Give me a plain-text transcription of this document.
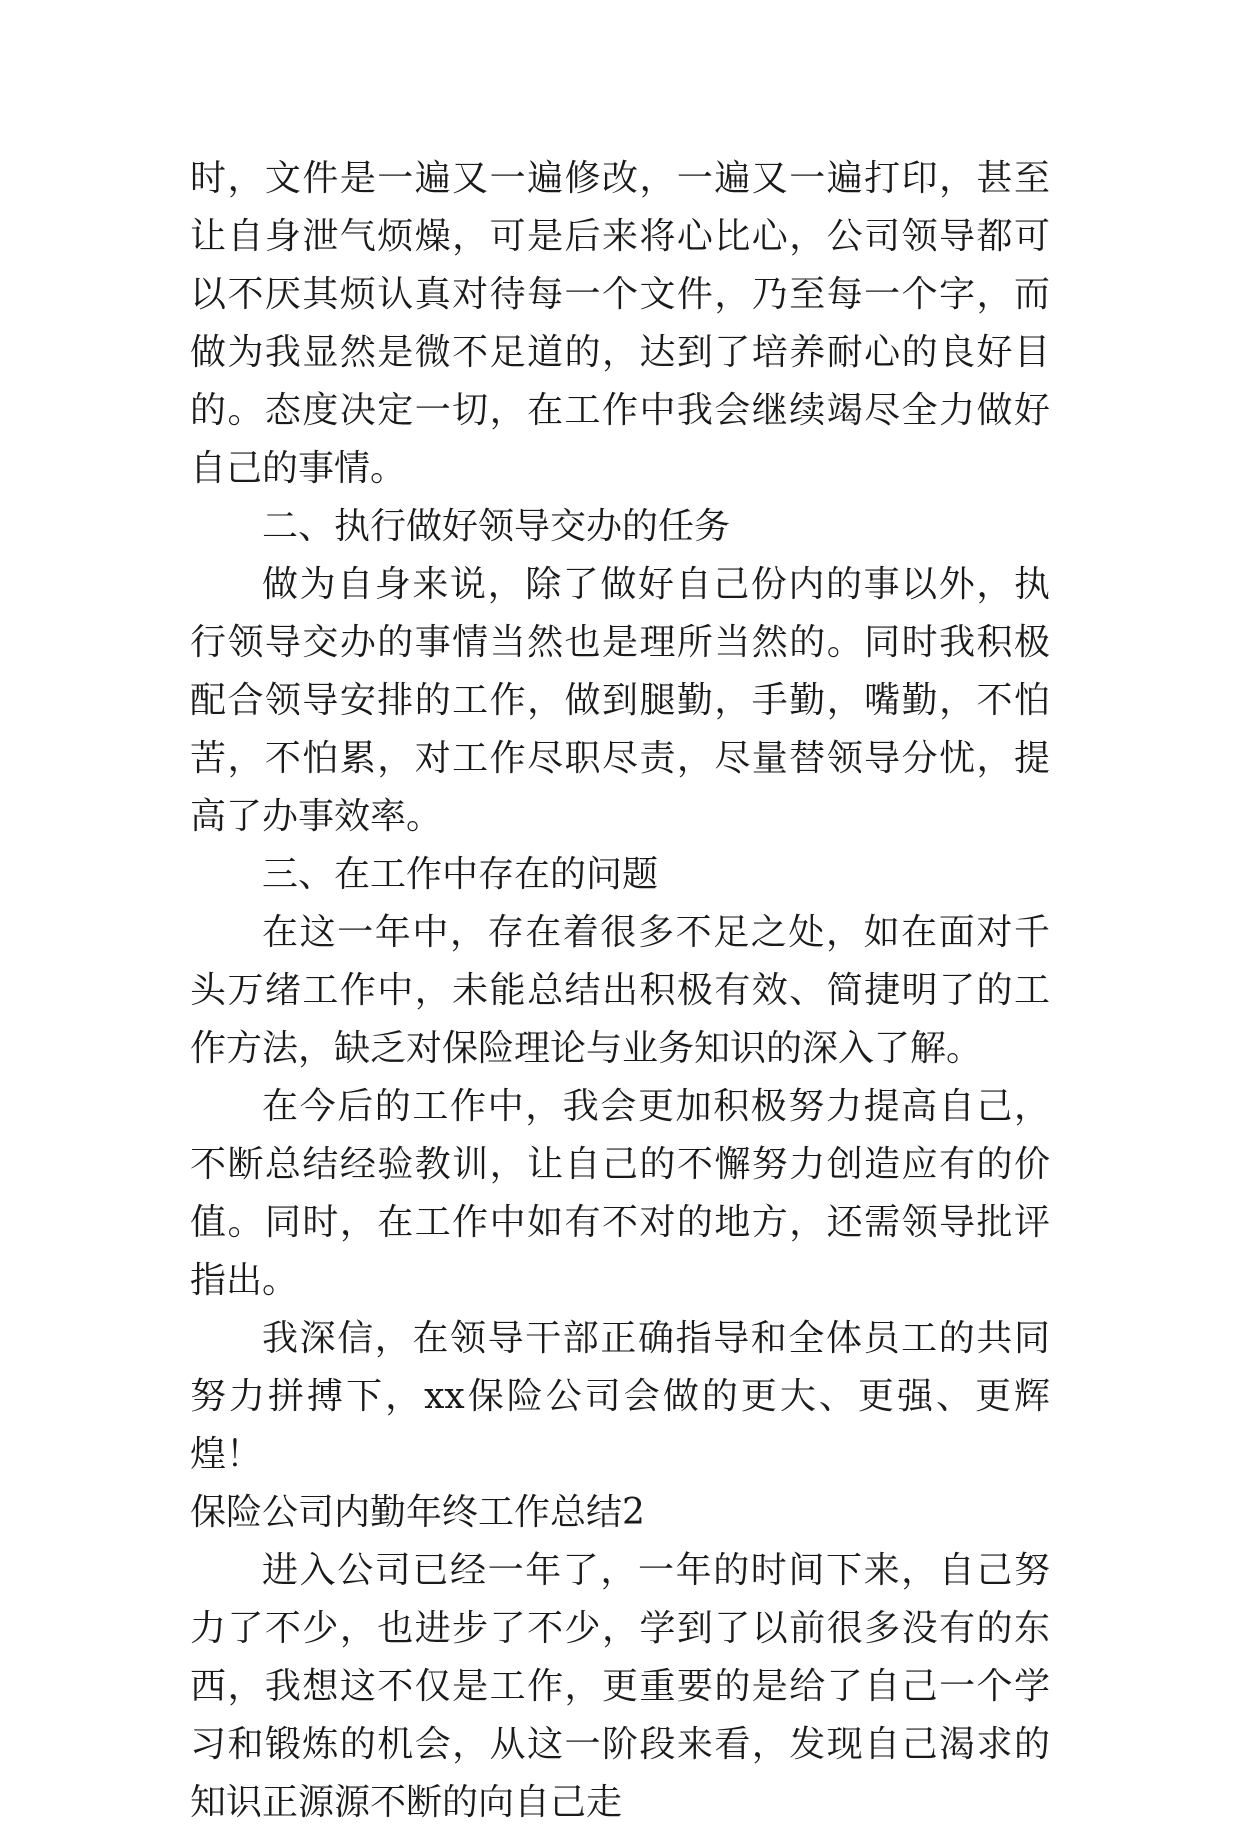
时，文件是一遍又一遍修改，一遍又一遍打印，甚至让自身泄气烦燥，可是后来将心比心，公司领导都可以不厌其烦认真对待每一个文件，乃至每一个字，而做为我显然是微不足道的，达到了培养耐心的良好目的。态度决定一切，在工作中我会继续竭尽全力做好自己的事情。

二、执行做好领导交办的任务

做为自身来说，除了做好自己份内的事以外，执行领导交办的事情当然也是理所当然的。同时我积极配合领导安排的工作，做到腿勤，手勤，嘴勤，不怕苦，不怕累，对工作尽职尽责，尽量替领导分忧，提高了办事效率。

三、在工作中存在的问题

在这一年中，存在着很多不足之处，如在面对千头万绪工作中，未能总结出积极有效、简捷明了的工作方法，缺乏对保险理论与业务知识的深入了解。

在今后的工作中，我会更加积极努力提高自己，不断总结经验教训，让自己的不懈努力创造应有的价值。同时，在工作中如有不对的地方，还需领导批评指出。

我深信，在领导干部正确指导和全体员工的共同努力拼搏下，xx保险公司会做的更大、更强、更辉煌！

保险公司内勤年终工作总结2

进入公司已经一年了，一年的时间下来，自己努力了不少，也进步了不少，学到了以前很多没有的东西，我想这不仅是工作，更重要的是给了自己一个学习和锻炼的机会，从这一阶段来看，发现自己渴求的知识正源源不断的向自己走
